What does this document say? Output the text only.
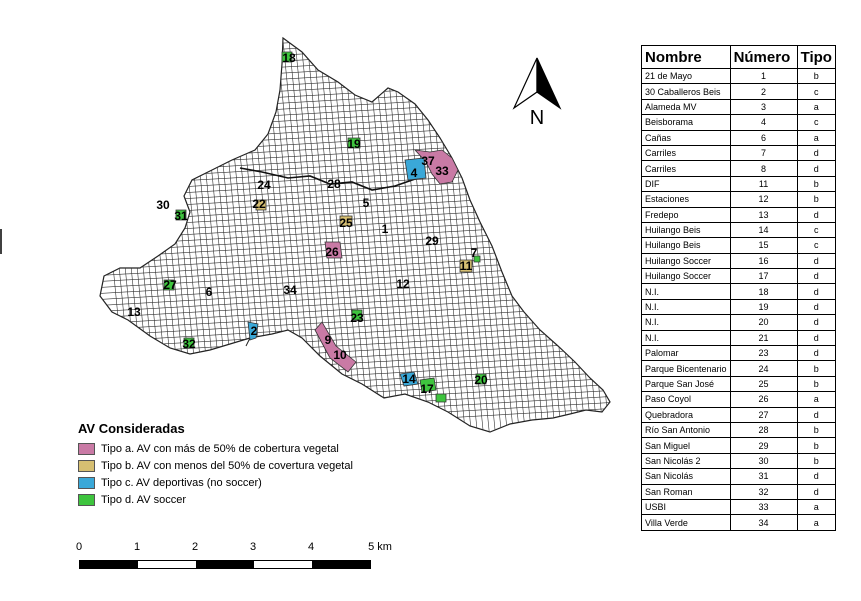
18
19
37
33
4
24	28
30	22
31
5
25 1
29
26	7
11
27 6	34	12
13	23
2
32	9
10
14
17
20
N
AV Consideradas
Tipo a. AV con más de 50% de cobertura vegetal
Tipo b. AV con menos del 50% de covertura vegetal
Tipo c. AV deportivas (no soccer)
Tipo d. AV soccer
0	1	2	3	4	5 km
Nombre	Número	Tipo
21 de Mayo	1	b
30 Caballeros Beis	2	c
Alameda MV	3	a
Beisborama	4	c
Cañas	6	a
Carriles	7	d
Carriles	8	d
DIF	11	b
Estaciones	12	b
Fredepo	13	d
Huilango Beis	14	c
Huilango Beis	15	c
Huilango Soccer	16	d
Huilango Soccer	17	d
N.I.	18	d
N.I.	19	d
N.I.	20	d
N.I.	21	d
Palomar	23	d
Parque Bicentenario	24	b
Parque San José	25	b
Paso Coyol	26	a
Quebradora	27	d
Río San Antonio	28	b
San Miguel	29	b
San Nicolás 2	30	b
San Nicolás	31	d
San Roman	32	d
USBI	33	a
Villa Verde	34	a
